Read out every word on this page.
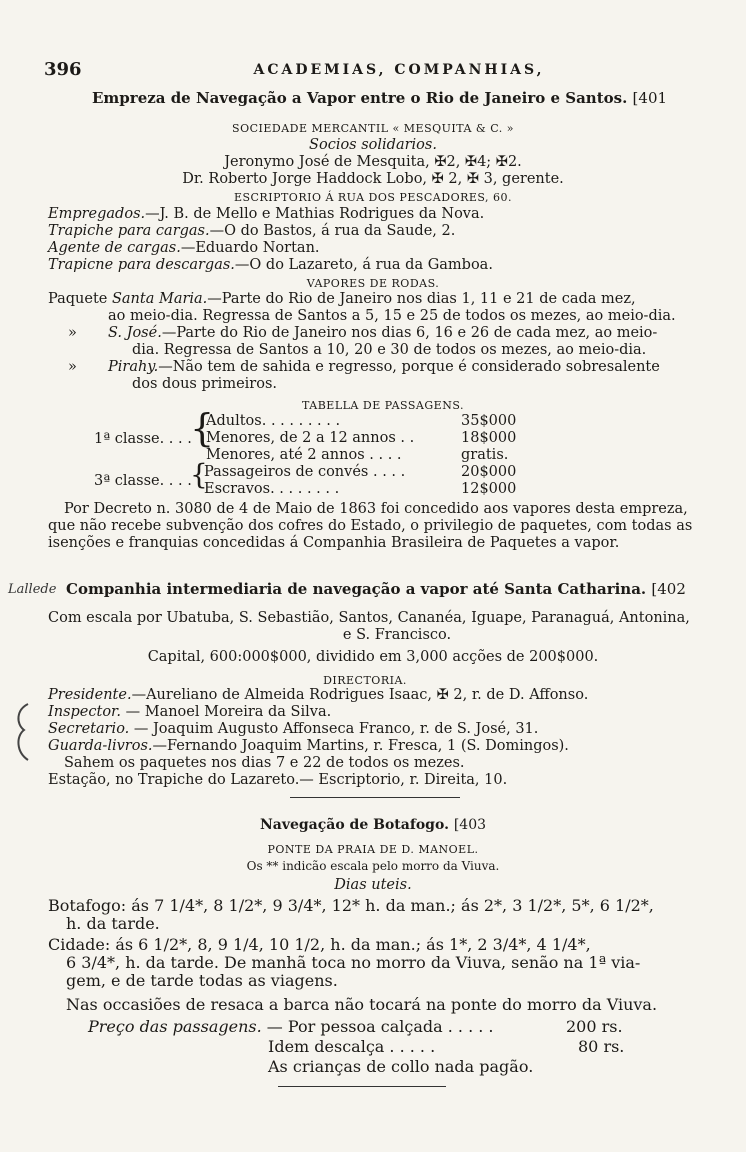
396	ACADEMIAS, COMPANHIAS,
Empreza de Navegação a Vapor entre o Rio de Janeiro e Santos. [401
SOCIEDADE MERCANTIL « MESQUITA & C. »
Socios solidarios.
Jeronymo José de Mesquita, ✠2, ✠4; ✠2.
Dr. Roberto Jorge Haddock Lobo, ✠ 2, ✠ 3, gerente.
ESCRIPTORIO Á RUA DOS PESCADORES, 60.
Empregados.—J. B. de Mello e Mathias Rodrigues da Nova.
Trapiche para cargas.—O do Bastos, á rua da Saude, 2.
Agente de cargas.—Eduardo Nortan.
Trapicne para descargas.—O do Lazareto, á rua da Gamboa.
VAPORES DE RODAS.
Paquete Santa Maria.—Parte do Rio de Janeiro nos dias 1, 11 e 21 de cada mez,
ao meio-dia. Regressa de Santos a 5, 15 e 25 de todos os mezes, ao meio-dia.
» S. José.—Parte do Rio de Janeiro nos dias 6, 16 e 26 de cada mez, ao meio-
dia. Regressa de Santos a 10, 20 e 30 de todos os mezes, ao meio-dia.
» Pirahy.—Não tem de sahida e regresso, porque é considerado sobresalente
dos dous primeiros.
TABELLA DE PASSAGENS.
1ª classe. . . .
{
Adultos. . . . . . . . .	35$000
Menores, de 2 a 12 annos . .	18$000
Menores, até 2 annos . . . .	gratis.
3ª classe. . . .
{
Passageiros de convés . . . .	20$000
Escravos. . . . . . . .	12$000
Por Decreto n. 3080 de 4 de Maio de 1863 foi concedido aos vapores desta empreza,
que não recebe subvenção dos cofres do Estado, o privilegio de paquetes, com todas as
isenções e franquias concedidas á Companhia Brasileira de Paquetes a vapor.
Lallede Companhia intermediaria de navegação a vapor até Santa Catharina. [402
Com escala por Ubatuba, S. Sebastião, Santos, Cananéa, Iguape, Paranaguá, Antonina,
e S. Francisco.
Capital, 600:000$000, dividido em 3,000 acções de 200$000.
DIRECTORIA.
Presidente.—Aureliano de Almeida Rodrigues Isaac, ✠ 2, r. de D. Affonso.
Inspector. — Manoel Moreira da Silva.
Secretario. — Joaquim Augusto Affonseca Franco, r. de S. José, 31.
Guarda-livros.—Fernando Joaquim Martins, r. Fresca, 1 (S. Domingos).
Sahem os paquetes nos dias 7 e 22 de todos os mezes.
Estação, no Trapiche do Lazareto.— Escriptorio, r. Direita, 10.
Navegação de Botafogo. [403
PONTE DA PRAIA DE D. MANOEL.
Os ** indicão escala pelo morro da Viuva.
Dias uteis.
Botafogo: ás 7 1/4*, 8 1/2*, 9 3/4*, 12* h. da man.; ás 2*, 3 1/2*, 5*, 6 1/2*,
h. da tarde.
Cidade: ás 6 1/2*, 8, 9 1/4, 10 1/2, h. da man.; ás 1*, 2 3/4*, 4 1/4*,
6 3/4*, h. da tarde. De manhã toca no morro da Viuva, senão na 1ª via-
gem, e de tarde todas as viagens.
Nas occasiões de resaca a barca não tocará na ponte do morro da Viuva.
Preço das passagens. — Por pessoa calçada . . . . .	200 rs.
Idem descalça . . . . .	80 rs.
As crianças de collo nada pagão.
